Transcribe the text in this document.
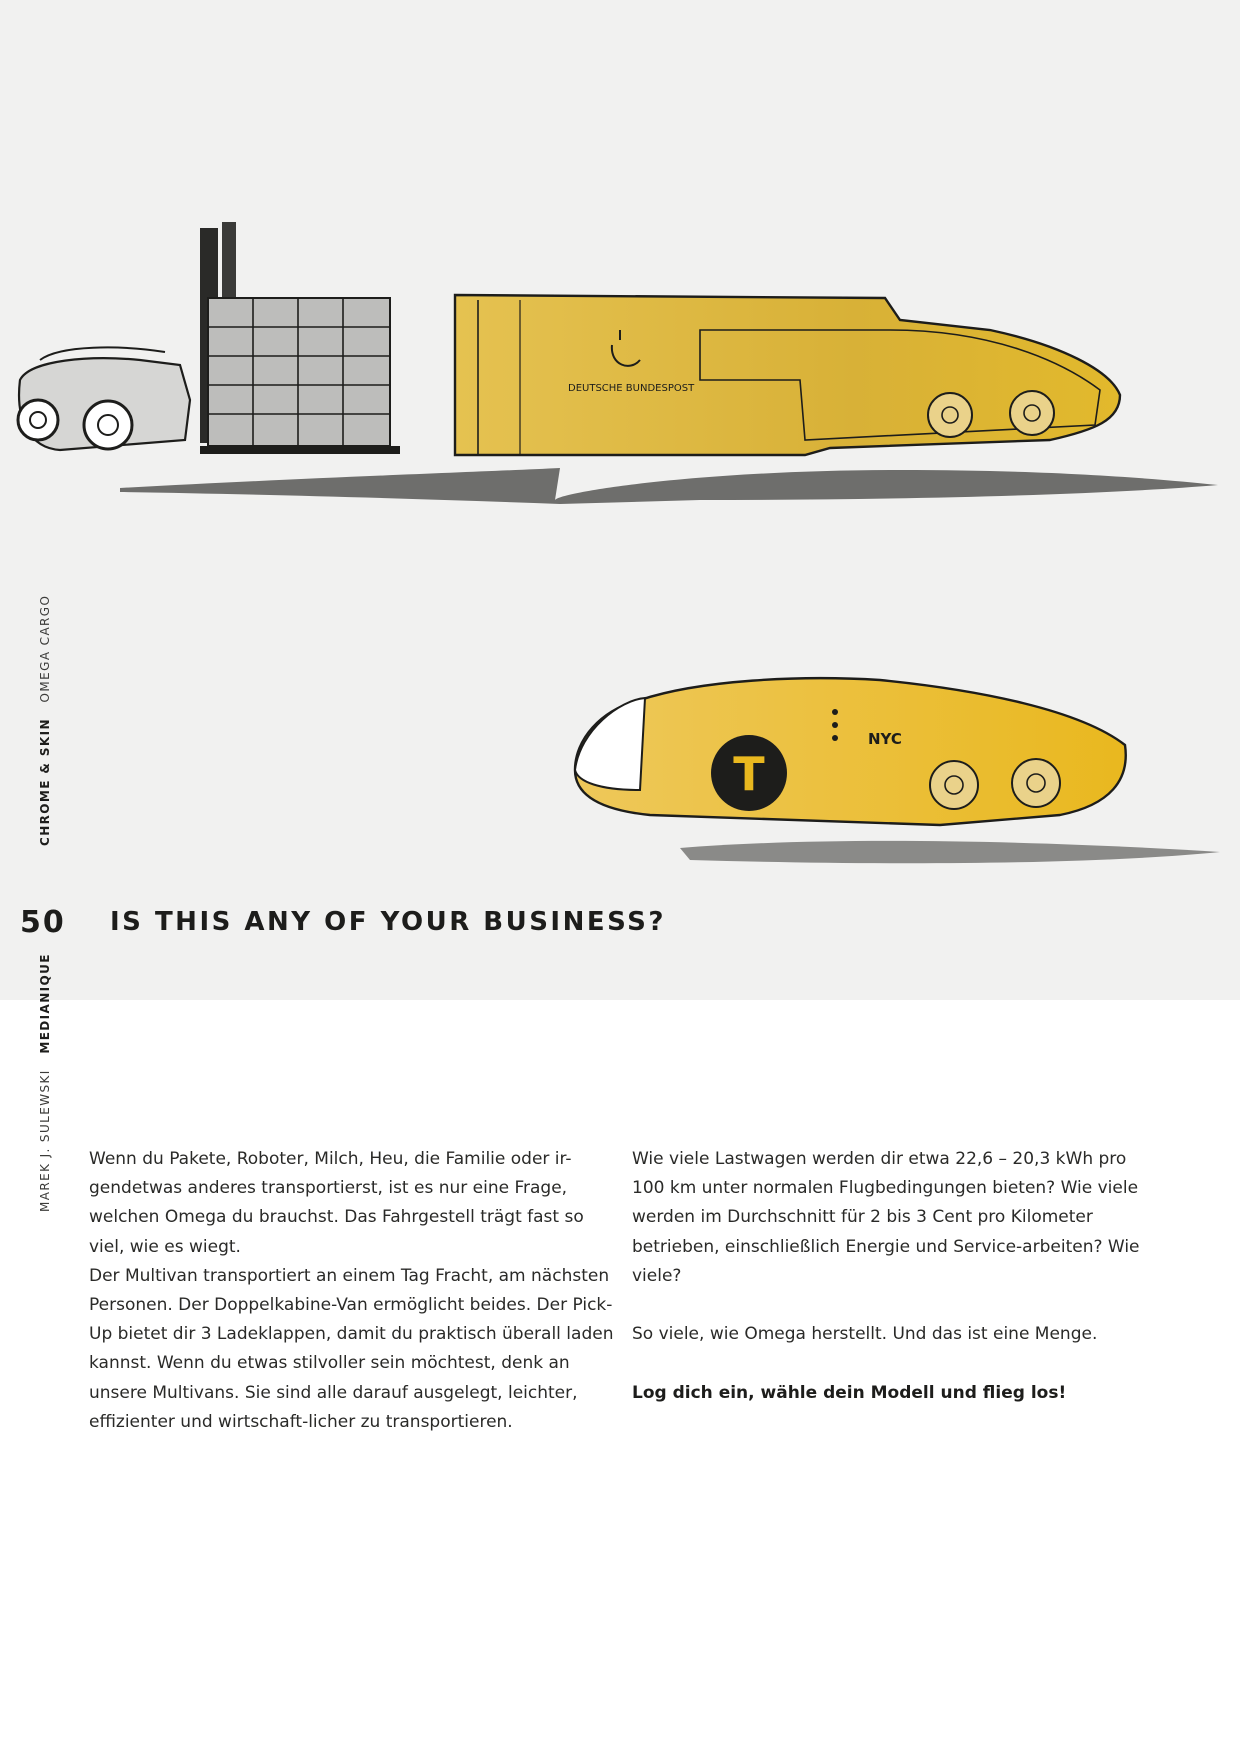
DEUTSCHE BUNDESPOST
T
NYC
CHROME & SKIN   OMEGA CARGO
50 IS THIS ANY OF YOUR BUSINESS?
MAREK J. SULEWSKI   MEDIANIQUE

Wenn du Pakete, Roboter, Milch, Heu, die Familie oder ir-gendetwas anderes transportierst, ist es nur eine Frage, welchen Omega du brauchst. Das Fahrgestell trägt fast so viel, wie es wiegt.

Der Multivan transportiert an einem Tag Fracht, am nächsten Personen. Der Doppelkabine-Van ermöglicht beides. Der Pick-Up bietet dir 3 Ladeklappen, damit du praktisch überall laden kannst. Wenn du etwas stilvoller sein möchtest, denk an unsere Multivans. Sie sind alle darauf ausgelegt, leichter, effizienter und wirtschaft-licher zu transportieren.

Wie viele Lastwagen werden dir etwa 22,6 – 20,3 kWh pro 100 km unter normalen Flugbedingungen bieten? Wie viele werden im Durchschnitt für 2 bis 3 Cent pro Kilometer betrieben, einschließlich Energie und Service-arbeiten? Wie viele?

So viele, wie Omega herstellt. Und das ist eine Menge.

Log dich ein, wähle dein Modell und flieg los!
